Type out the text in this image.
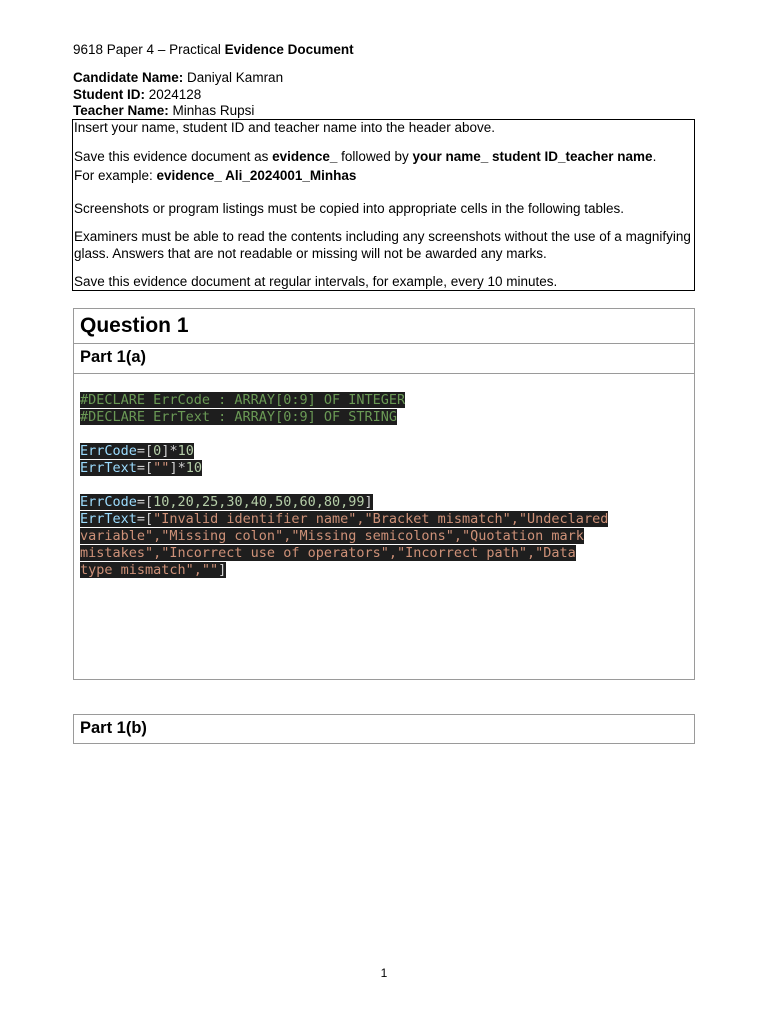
9618 Paper 4 – Practical Evidence Document
Candidate Name: Daniyal Kamran
Student ID: 2024128
Teacher Name: Minhas Rupsi

Insert your name, student ID and teacher name into the header above.

Save this evidence document as evidence_ followed by your name_ student ID_teacher name.

For example: evidence_ Ali_2024001_Minhas

Screenshots or program listings must be copied into appropriate cells in the following tables.

Examiners must be able to read the contents including any screenshots without the use of a magnifying glass. Answers that are not readable or missing will not be awarded any marks.

Save this evidence document at regular intervals, for example, every 10 minutes.

Question 1
Part 1(a)
#DECLARE ErrCode : ARRAY[0:9] OF INTEGER
#DECLARE ErrText : ARRAY[0:9] OF STRING
ErrCode=[0]*10
ErrText=[""]*10
ErrCode=[10,20,25,30,40,50,60,80,99]
ErrText=["Invalid identifier name","Bracket mismatch","Undeclared
variable","Missing colon","Missing semicolons","Quotation mark
mistakes","Incorrect use of operators","Incorrect path","Data
type mismatch",""]
Part 1(b)
1
